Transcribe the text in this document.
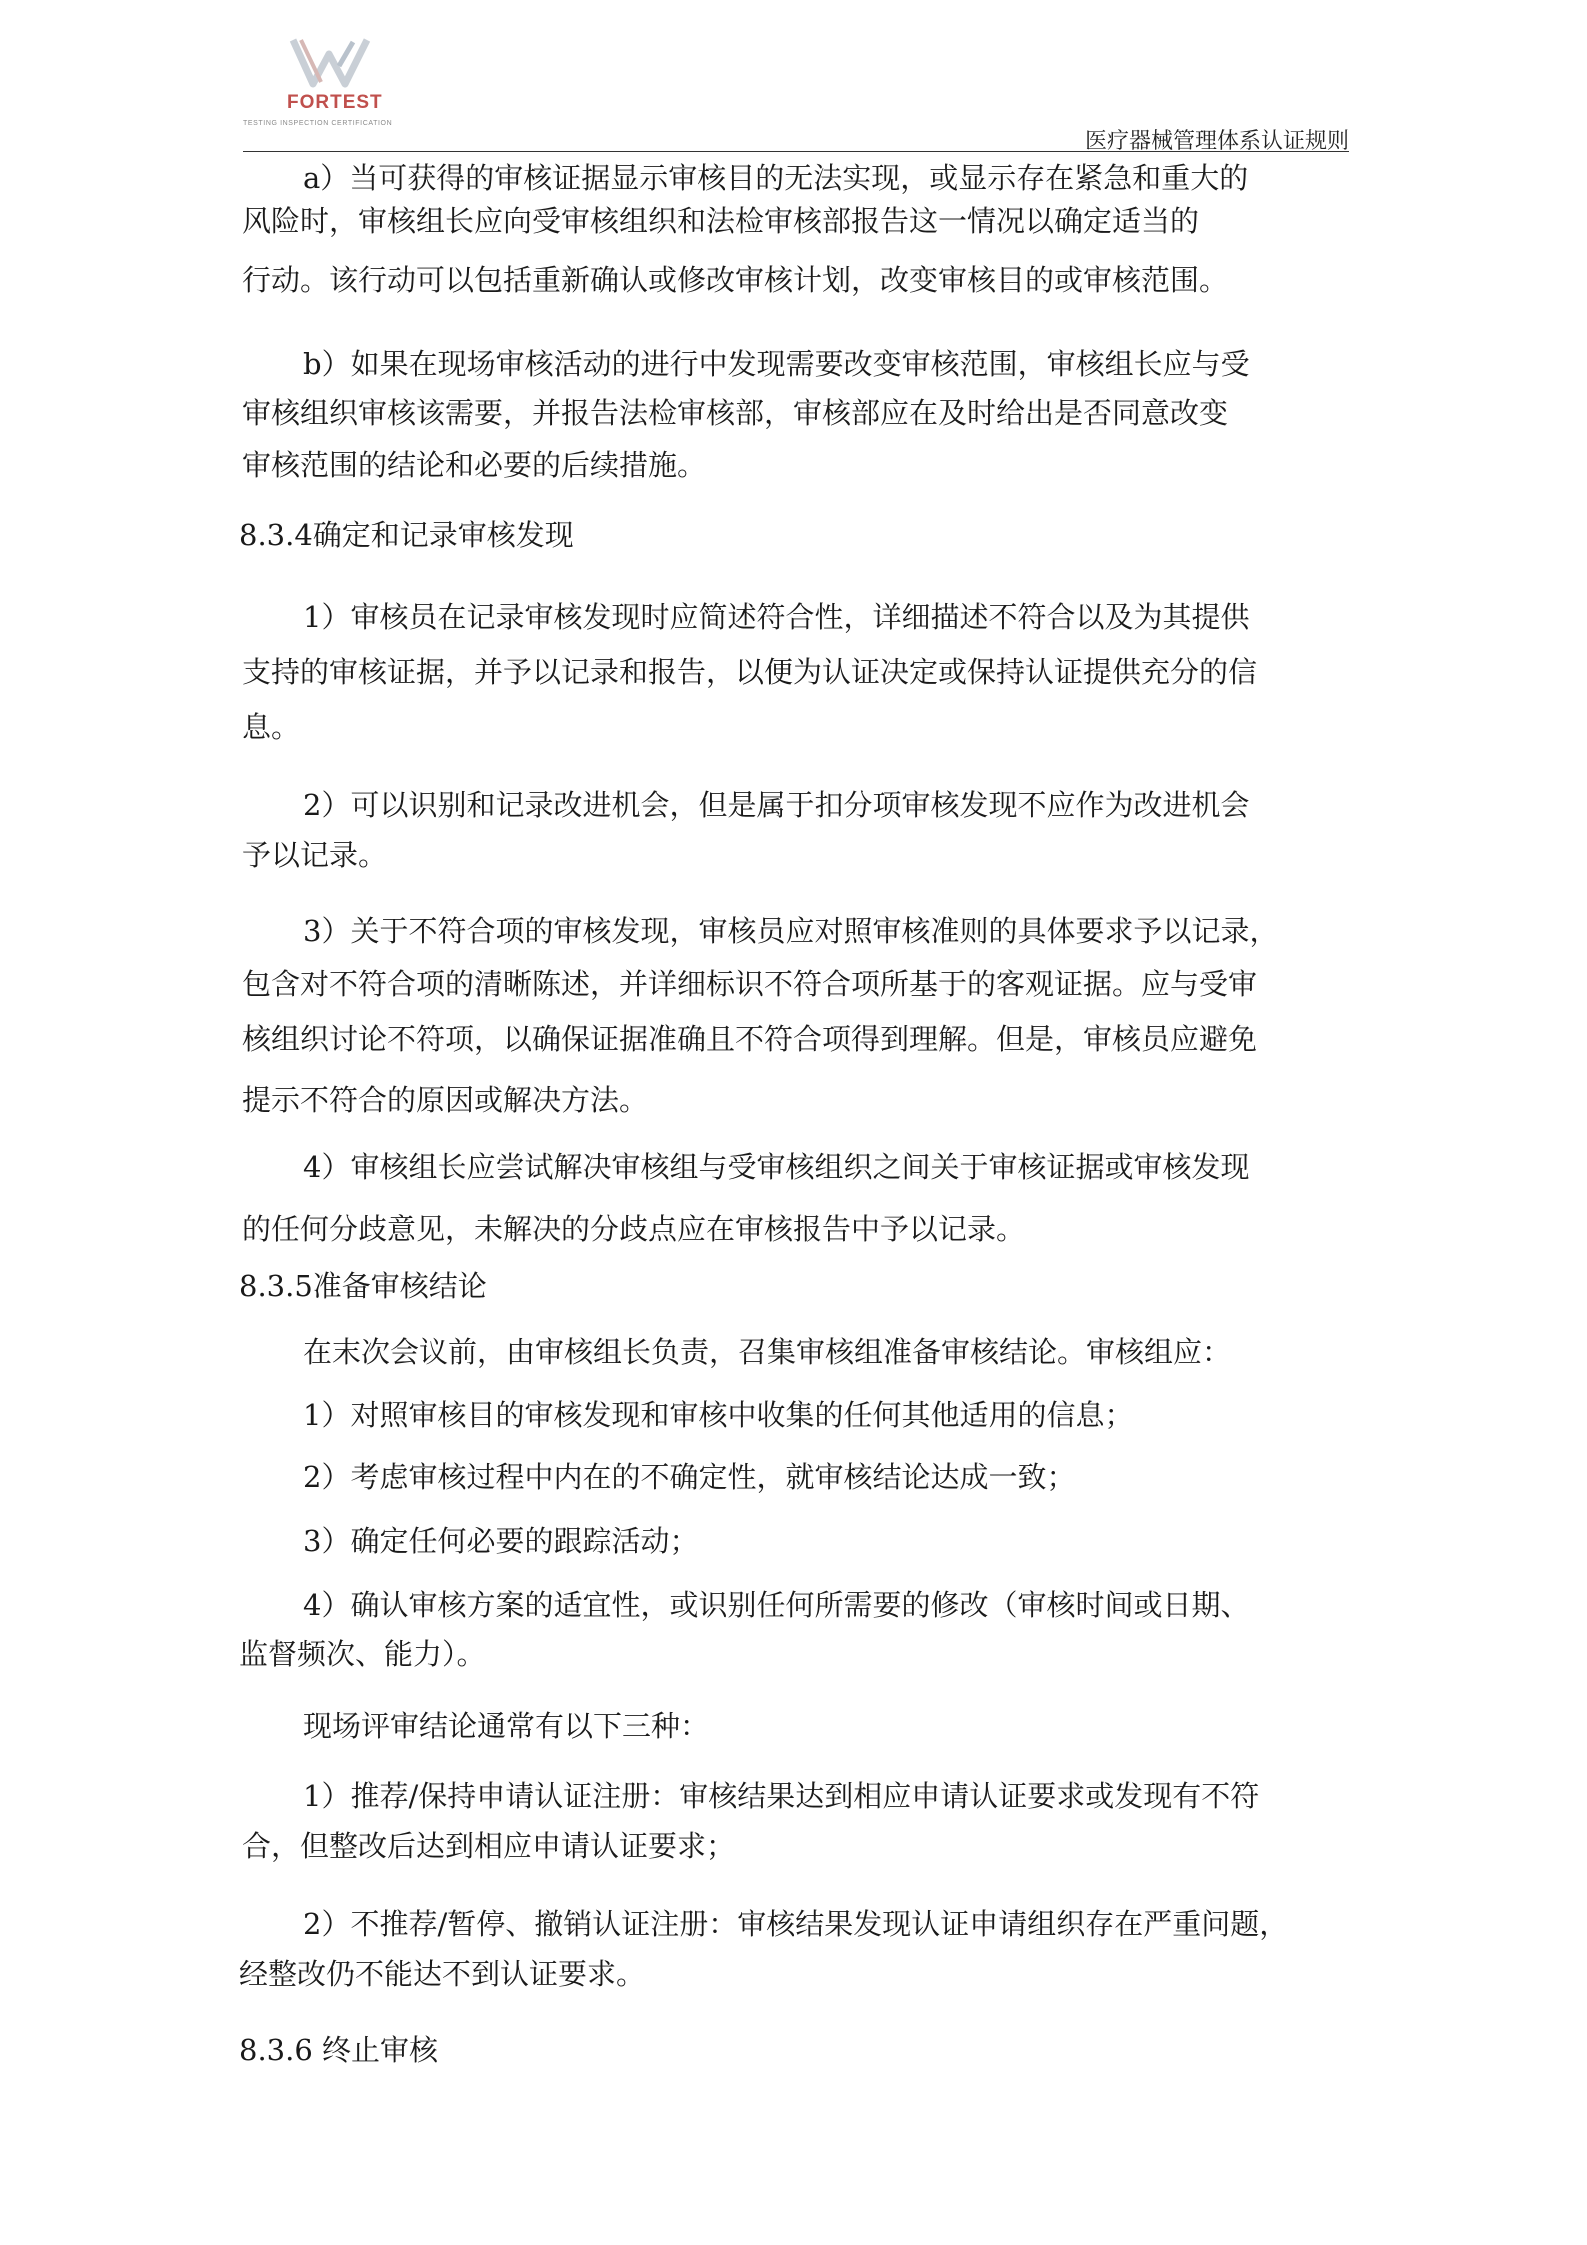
FORTEST
TESTING INSPECTION CERTIFICATION
医疗器械管理体系认证规则
a）当可获得的审核证据显示审核目的无法实现，或显示存在紧急和重大的
风险时，审核组长应向受审核组织和法检审核部报告这一情况以确定适当的
行动。该行动可以包括重新确认或修改审核计划，改变审核目的或审核范围。
b）如果在现场审核活动的进行中发现需要改变审核范围，审核组长应与受
审核组织审核该需要，并报告法检审核部，审核部应在及时给出是否同意改变
审核范围的结论和必要的后续措施。
8.3.4确定和记录审核发现
1）审核员在记录审核发现时应简述符合性，详细描述不符合以及为其提供
支持的审核证据，并予以记录和报告，以便为认证决定或保持认证提供充分的信
息。
2）可以识别和记录改进机会，但是属于扣分项审核发现不应作为改进机会
予以记录。
3）关于不符合项的审核发现，审核员应对照审核准则的具体要求予以记录，
包含对不符合项的清晰陈述，并详细标识不符合项所基于的客观证据。应与受审
核组织讨论不符项，以确保证据准确且不符合项得到理解。但是，审核员应避免
提示不符合的原因或解决方法。
4）审核组长应尝试解决审核组与受审核组织之间关于审核证据或审核发现
的任何分歧意见，未解决的分歧点应在审核报告中予以记录。
8.3.5准备审核结论
在末次会议前，由审核组长负责，召集审核组准备审核结论。审核组应：
1）对照审核目的审核发现和审核中收集的任何其他适用的信息；
2）考虑审核过程中内在的不确定性，就审核结论达成一致；
3）确定任何必要的跟踪活动；
4）确认审核方案的适宜性，或识别任何所需要的修改（审核时间或日期、
监督频次、能力）。
现场评审结论通常有以下三种：
1）推荐/保持申请认证注册：审核结果达到相应申请认证要求或发现有不符
合，但整改后达到相应申请认证要求；
2）不推荐/暂停、撤销认证注册：审核结果发现认证申请组织存在严重问题，
经整改仍不能达不到认证要求。
8.3.6 终止审核
